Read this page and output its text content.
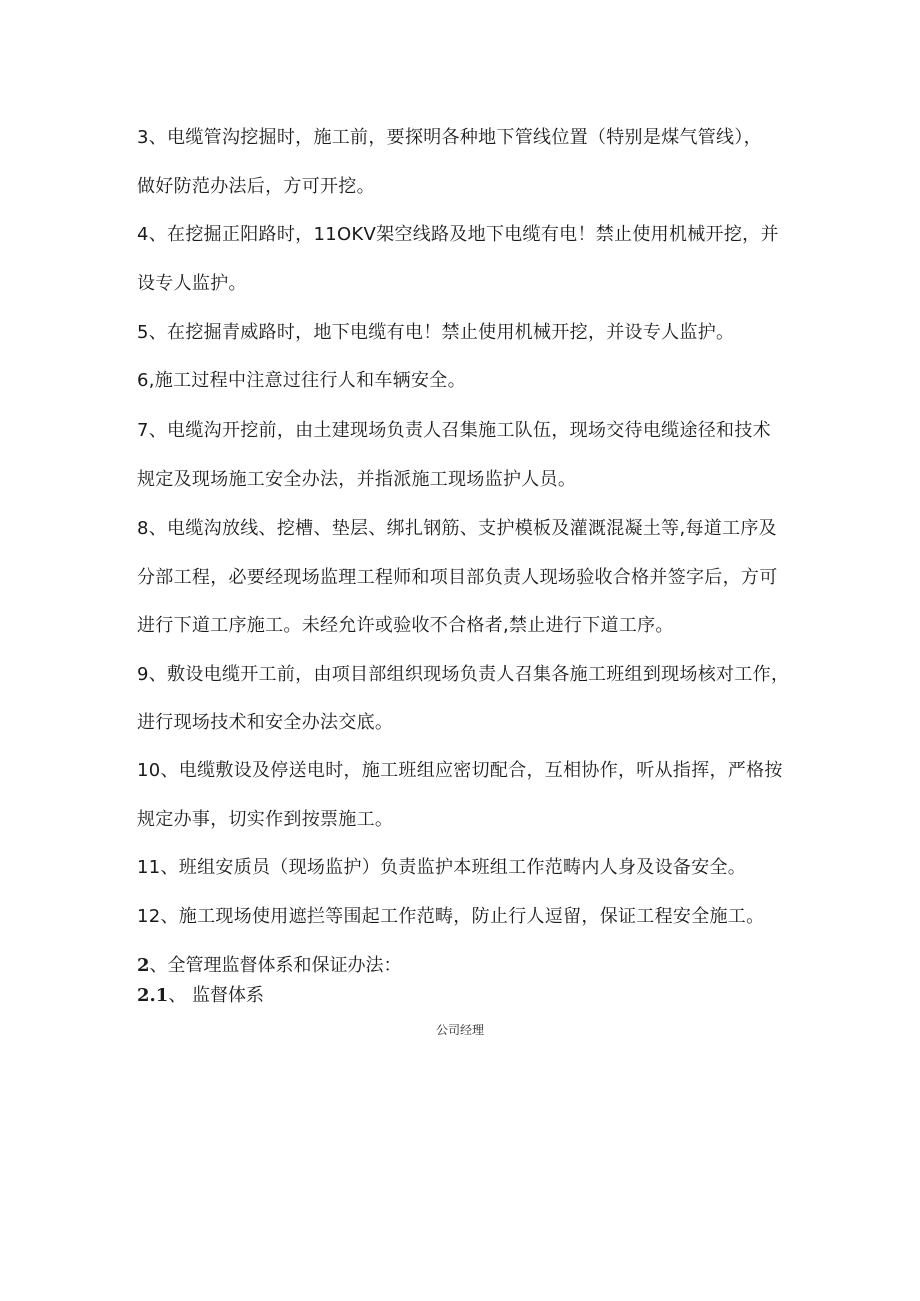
3、电缆管沟挖掘时，施工前，要探明各种地下管线位置（特别是煤气管线），
做好防范办法后，方可开挖。
4、在挖掘正阳路时，11OKV架空线路及地下电缆有电！禁止使用机械开挖，并
设专人监护。
5、在挖掘青威路时，地下电缆有电！禁止使用机械开挖，并设专人监护。
6,施工过程中注意过往行人和车辆安全。
7、电缆沟开挖前，由土建现场负责人召集施工队伍，现场交待电缆途径和技术
规定及现场施工安全办法，并指派施工现场监护人员。
8、电缆沟放线、挖槽、垫层、绑扎钢筋、支护模板及灌溉混凝土等,每道工序及
分部工程，必要经现场监理工程师和项目部负责人现场验收合格并签字后，方可
进行下道工序施工。未经允许或验收不合格者,禁止进行下道工序。
9、敷设电缆开工前，由项目部组织现场负责人召集各施工班组到现场核对工作，
进行现场技术和安全办法交底。
10、电缆敷设及停送电时，施工班组应密切配合，互相协作，听从指挥，严格按
规定办事，切实作到按票施工。
11、班组安质员（现场监护）负责监护本班组工作范畴内人身及设备安全。
12、施工现场使用遮拦等围起工作范畴，防止行人逗留，保证工程安全施工。
2、全管理监督体系和保证办法：
2.1、 监督体系
公司经理
